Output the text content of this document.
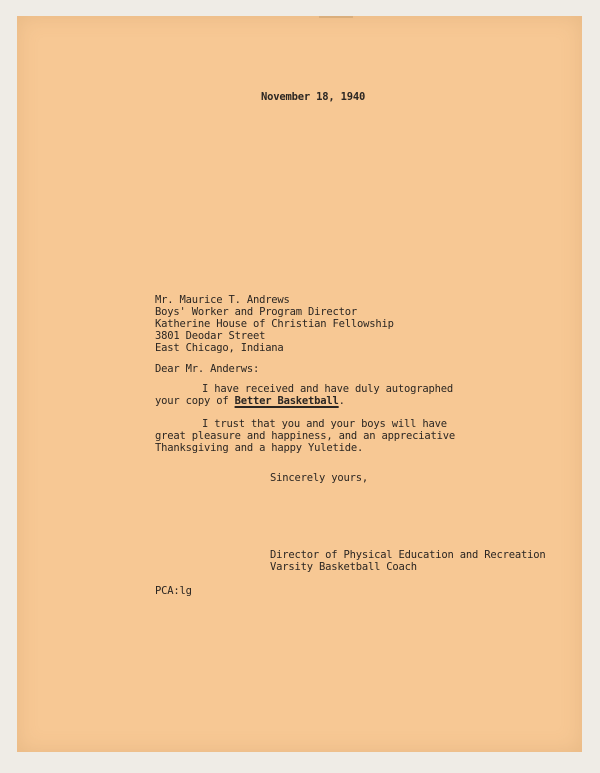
November 18, 1940
Mr. Maurice T. Andrews
Boys' Worker and Program Director
Katherine House of Christian Fellowship
3801 Deodar Street
East Chicago, Indiana
Dear Mr. Anderws:
I have received and have duly autographed
your copy of Better Basketball.
I trust that you and your boys will have
great pleasure and happiness, and an appreciative
Thanksgiving and a happy Yuletide.
Sincerely yours,
Director of Physical Education and Recreation
Varsity Basketball Coach
PCA:lg
